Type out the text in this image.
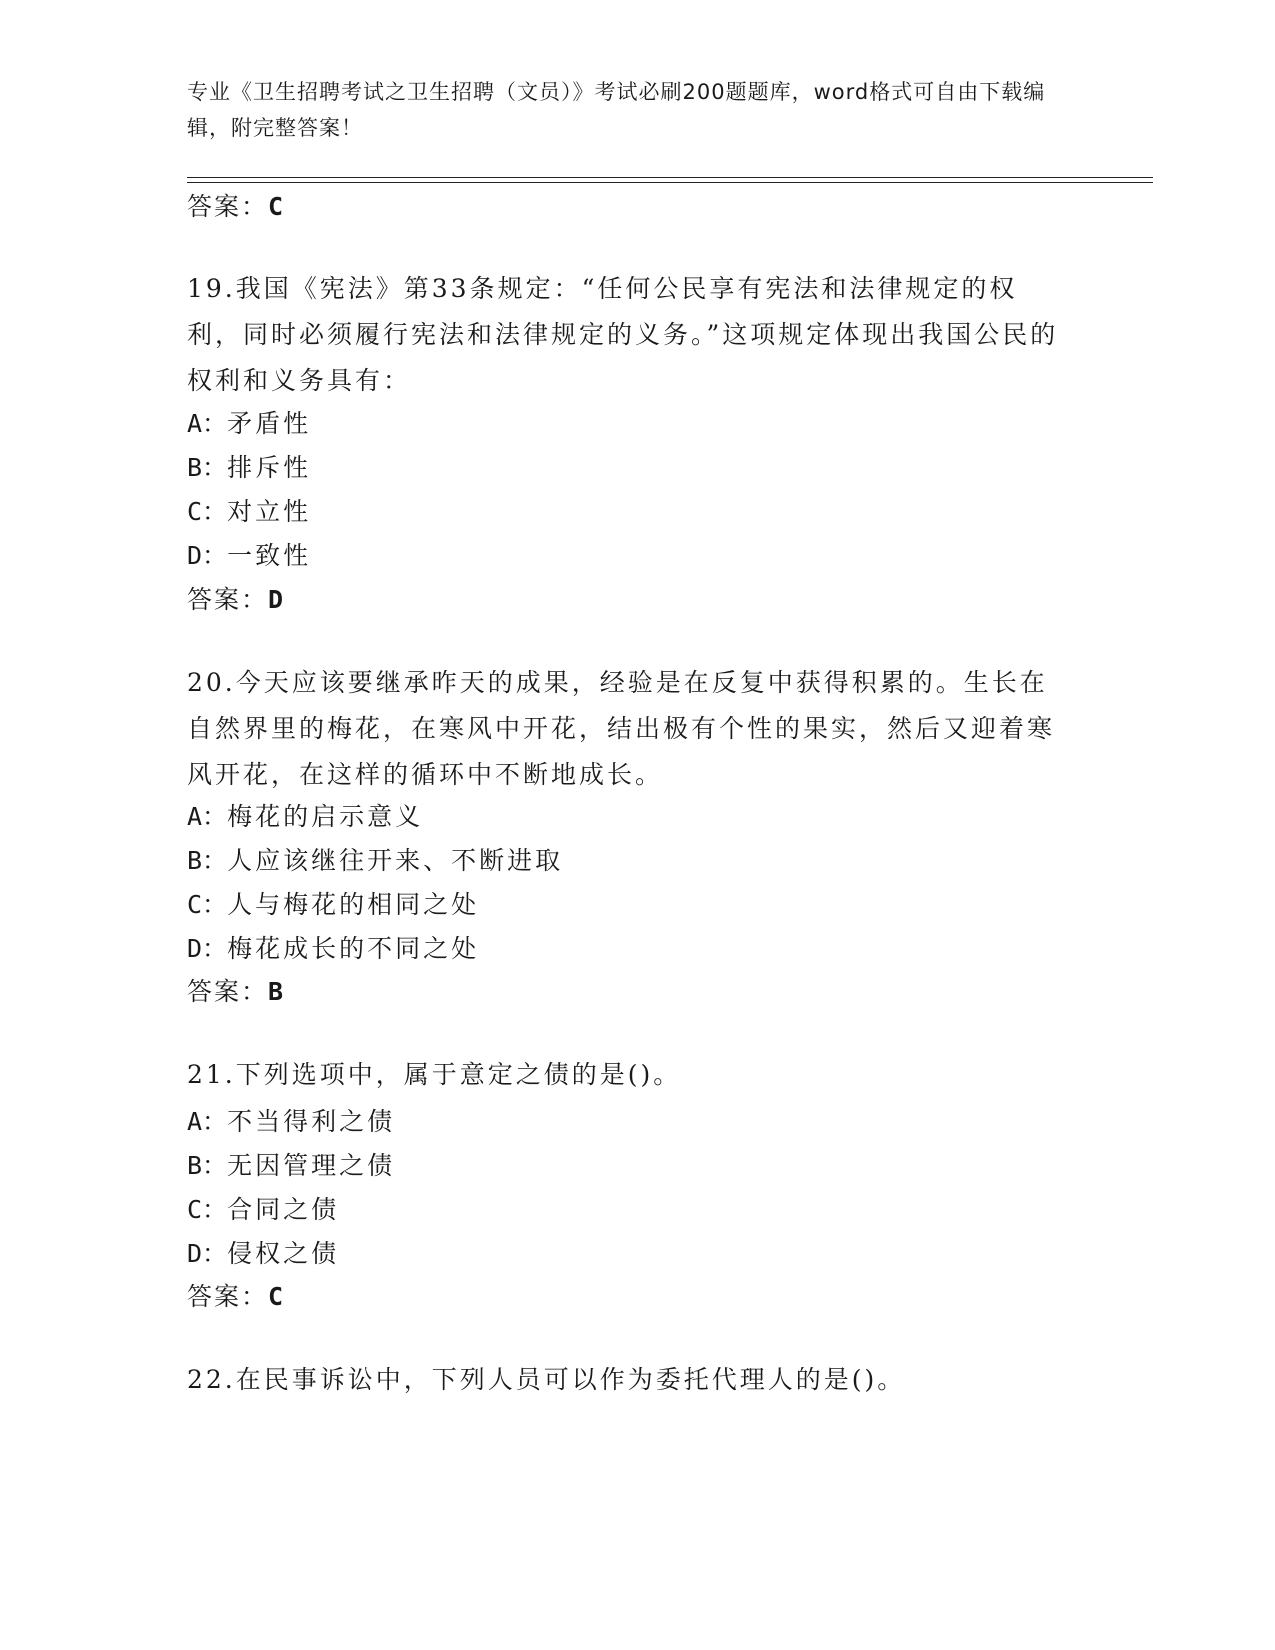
专业《卫生招聘考试之卫生招聘（文员）》考试必刷200题题库，word格式可自由下载编辑，附完整答案！
答案：C
19.我国《宪法》第33条规定：“任何公民享有宪法和法律规定的权利，同时必须履行宪法和法律规定的义务。”这项规定体现出我国公民的权利和义务具有：
A：矛盾性
B：排斥性
C：对立性
D：一致性
答案：D
20.今天应该要继承昨天的成果，经验是在反复中获得积累的。生长在自然界里的梅花，在寒风中开花，结出极有个性的果实，然后又迎着寒风开花，在这样的循环中不断地成长。
A：梅花的启示意义
B：人应该继往开来、不断进取
C：人与梅花的相同之处
D：梅花成长的不同之处
答案：B
21.下列选项中，属于意定之债的是()。
A：不当得利之债
B：无因管理之债
C：合同之债
D：侵权之债
答案：C
22.在民事诉讼中，下列人员可以作为委托代理人的是()。
